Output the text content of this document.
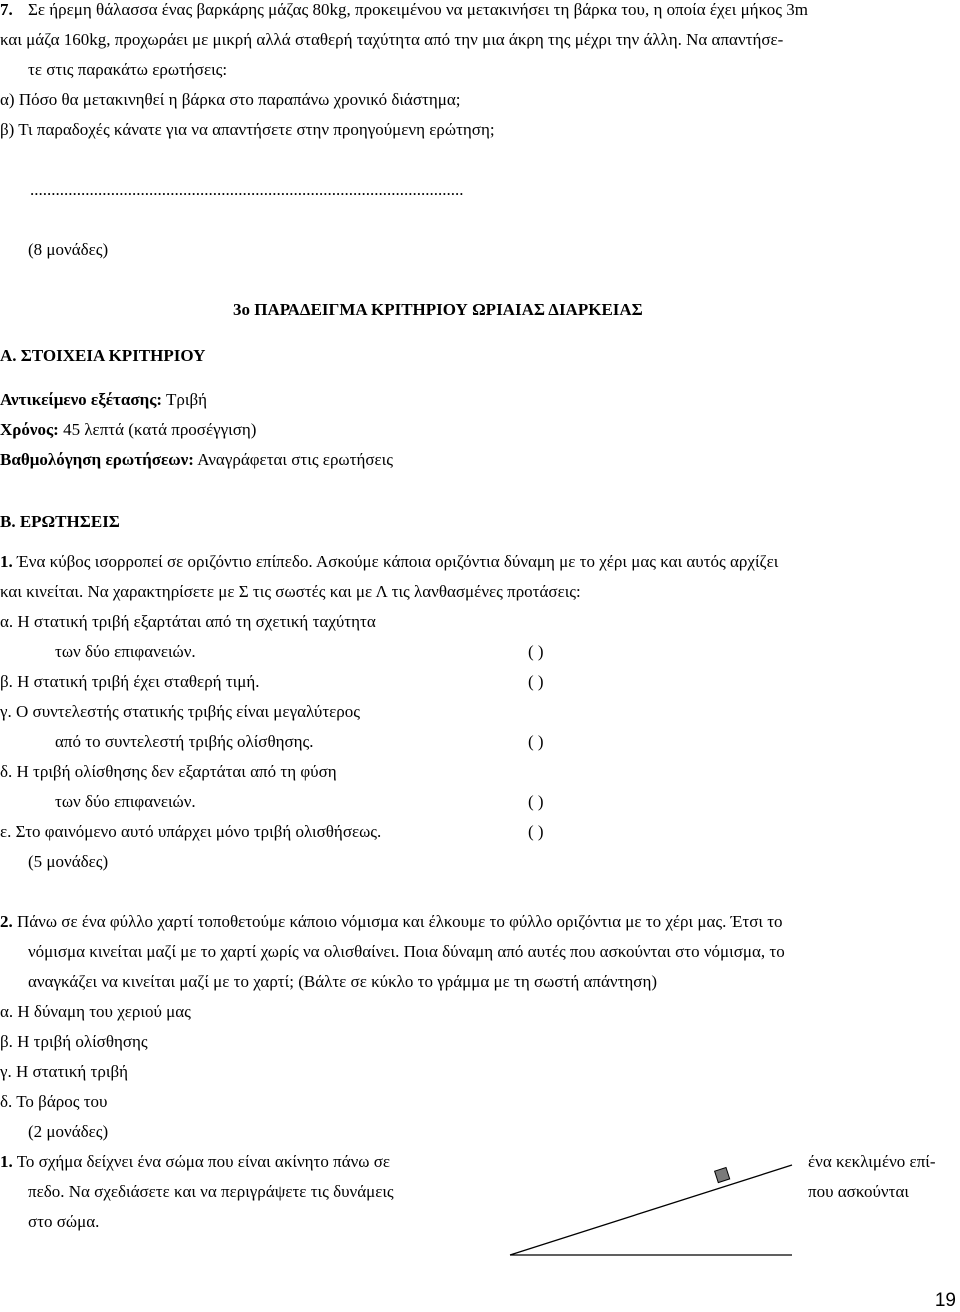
7. Σε ήρεμη θάλασσα ένας βαρκάρης μάζας 80kg, προκειμένου να μετακινήσει τη βάρκα του, η οποία έχει μήκος 3m
και μάζα 160kg, προχωράει με μικρή αλλά σταθερή ταχύτητα από την μια άκρη της μέχρι την άλλη. Να απαντήσε-
τε στις παρακάτω ερωτήσεις:
α) Πόσο θα μετακινηθεί η βάρκα στο παραπάνω χρονικό διάστημα;
β) Τι παραδοχές κάνατε για να απαντήσετε στην προηγούμενη ερώτηση;
......................................................................................................
(8 μονάδες)
3ο ΠΑΡΑΔΕΙΓΜΑ ΚΡΙΤΗΡΙΟΥ ΩΡΙΑΙΑΣ ΔΙΑΡΚΕΙΑΣ
Α. ΣΤΟΙΧΕΙΑ ΚΡΙΤΗΡΙΟΥ
Αντικείμενο εξέτασης: Τριβή
Χρόνος: 45 λεπτά (κατά προσέγγιση)
Βαθμολόγηση ερωτήσεων: Αναγράφεται στις ερωτήσεις
Β. ΕΡΩΤΗΣΕΙΣ
1. Ένα κύβος ισορροπεί σε οριζόντιο επίπεδο. Ασκούμε κάποια οριζόντια δύναμη με το χέρι μας και αυτός αρχίζει
και κινείται. Να χαρακτηρίσετε με Σ τις σωστές και με Λ τις λανθασμένες προτάσεις:
α. Η στατική τριβή εξαρτάται από τη σχετική ταχύτητα
των δύο επιφανειών.	( )
β. Η στατική τριβή έχει σταθερή τιμή.	( )
γ. Ο συντελεστής στατικής τριβής είναι μεγαλύτερος
από το συντελεστή τριβής ολίσθησης.	( )
δ. Η τριβή ολίσθησης δεν εξαρτάται από τη φύση
των δύο επιφανειών.	( )
ε. Στο φαινόμενο αυτό υπάρχει μόνο τριβή ολισθήσεως.	( )
(5 μονάδες)
2. Πάνω σε ένα φύλλο χαρτί τοποθετούμε κάποιο νόμισμα και έλκουμε το φύλλο οριζόντια με το χέρι μας. Έτσι το
νόμισμα κινείται μαζί με το χαρτί χωρίς να ολισθαίνει. Ποια δύναμη από αυτές που ασκούνται στο νόμισμα, το
αναγκάζει να κινείται μαζί με το χαρτί; (Βάλτε σε κύκλο το γράμμα με τη σωστή απάντηση)
α. Η δύναμη του χεριού μας
β. Η τριβή ολίσθησης
γ. Η στατική τριβή
δ. Το βάρος του
(2 μονάδες)
1. Το σχήμα δείχνει ένα σώμα που είναι ακίνητο πάνω σε	ένα κεκλιμένο επί-
πεδο. Να σχεδιάσετε και να περιγράψετε τις δυνάμεις	που ασκούνται
στο σώμα.
19
